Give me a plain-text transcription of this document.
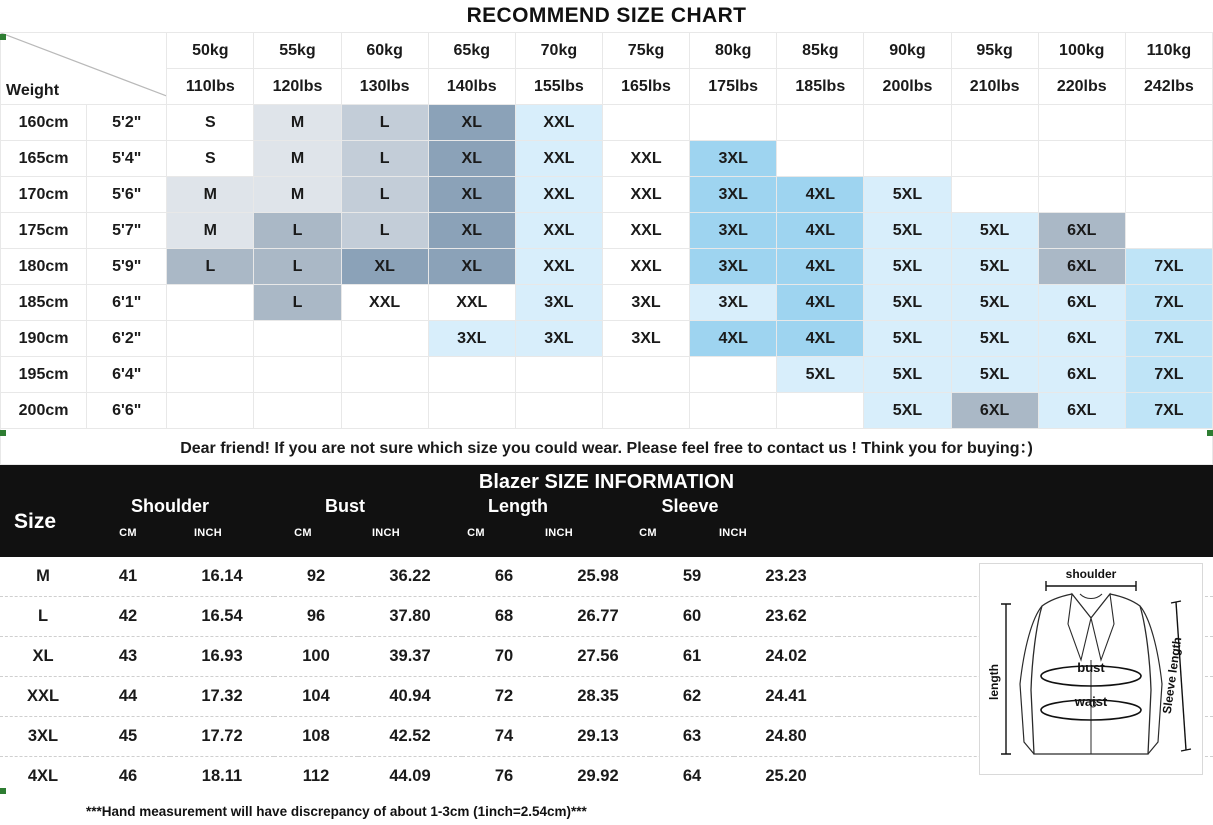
RECOMMEND SIZE CHART
Weight		50kg	55kg	60kg	65kg	70kg	75kg	80kg	85kg	90kg	95kg	100kg	110kg
		110lbs	120lbs	130lbs	140lbs	155lbs	165lbs	175lbs	185lbs	200lbs	210lbs	220lbs	242lbs
160cm	5'2"	S	M	L	XL	XXL							
165cm	5'4"	S	M	L	XL	XXL	XXL	3XL					
170cm	5'6"	M	M	L	XL	XXL	XXL	3XL	4XL	5XL			
175cm	5'7"	M	L	L	XL	XXL	XXL	3XL	4XL	5XL	5XL	6XL	
180cm	5'9"	L	L	XL	XL	XXL	XXL	3XL	4XL	5XL	5XL	6XL	7XL
185cm	6'1"		L	XXL	XXL	3XL	3XL	3XL	4XL	5XL	5XL	6XL	7XL
190cm	6'2"				3XL	3XL	3XL	4XL	4XL	5XL	5XL	6XL	7XL
195cm	6'4"								5XL	5XL	5XL	6XL	7XL
200cm	6'6"									5XL	6XL	6XL	7XL
Dear friend! If you are not sure which size you could wear. Please feel free to contact us ! Think you for buying：)													
Blazer SIZE INFORMATION
Size
Shoulder	Bust	Length	Sleeve
CM	INCH	CM	INCH	CM	INCH	CM	INCH
M	41	16.14	92	36.22	66	25.98	59	23.23	
L	42	16.54	96	37.80	68	26.77	60	23.62	
XL	43	16.93	100	39.37	70	27.56	61	24.02	
XXL	44	17.32	104	40.94	72	28.35	62	24.41	
3XL	45	17.72	108	42.52	74	29.13	63	24.80	
4XL	46	18.11	112	44.09	76	29.92	64	25.20	
***Hand measurement will have discrepancy of about 1-3cm (1inch=2.54cm)***
shoulder
bust
waist
length	Sleeve length
